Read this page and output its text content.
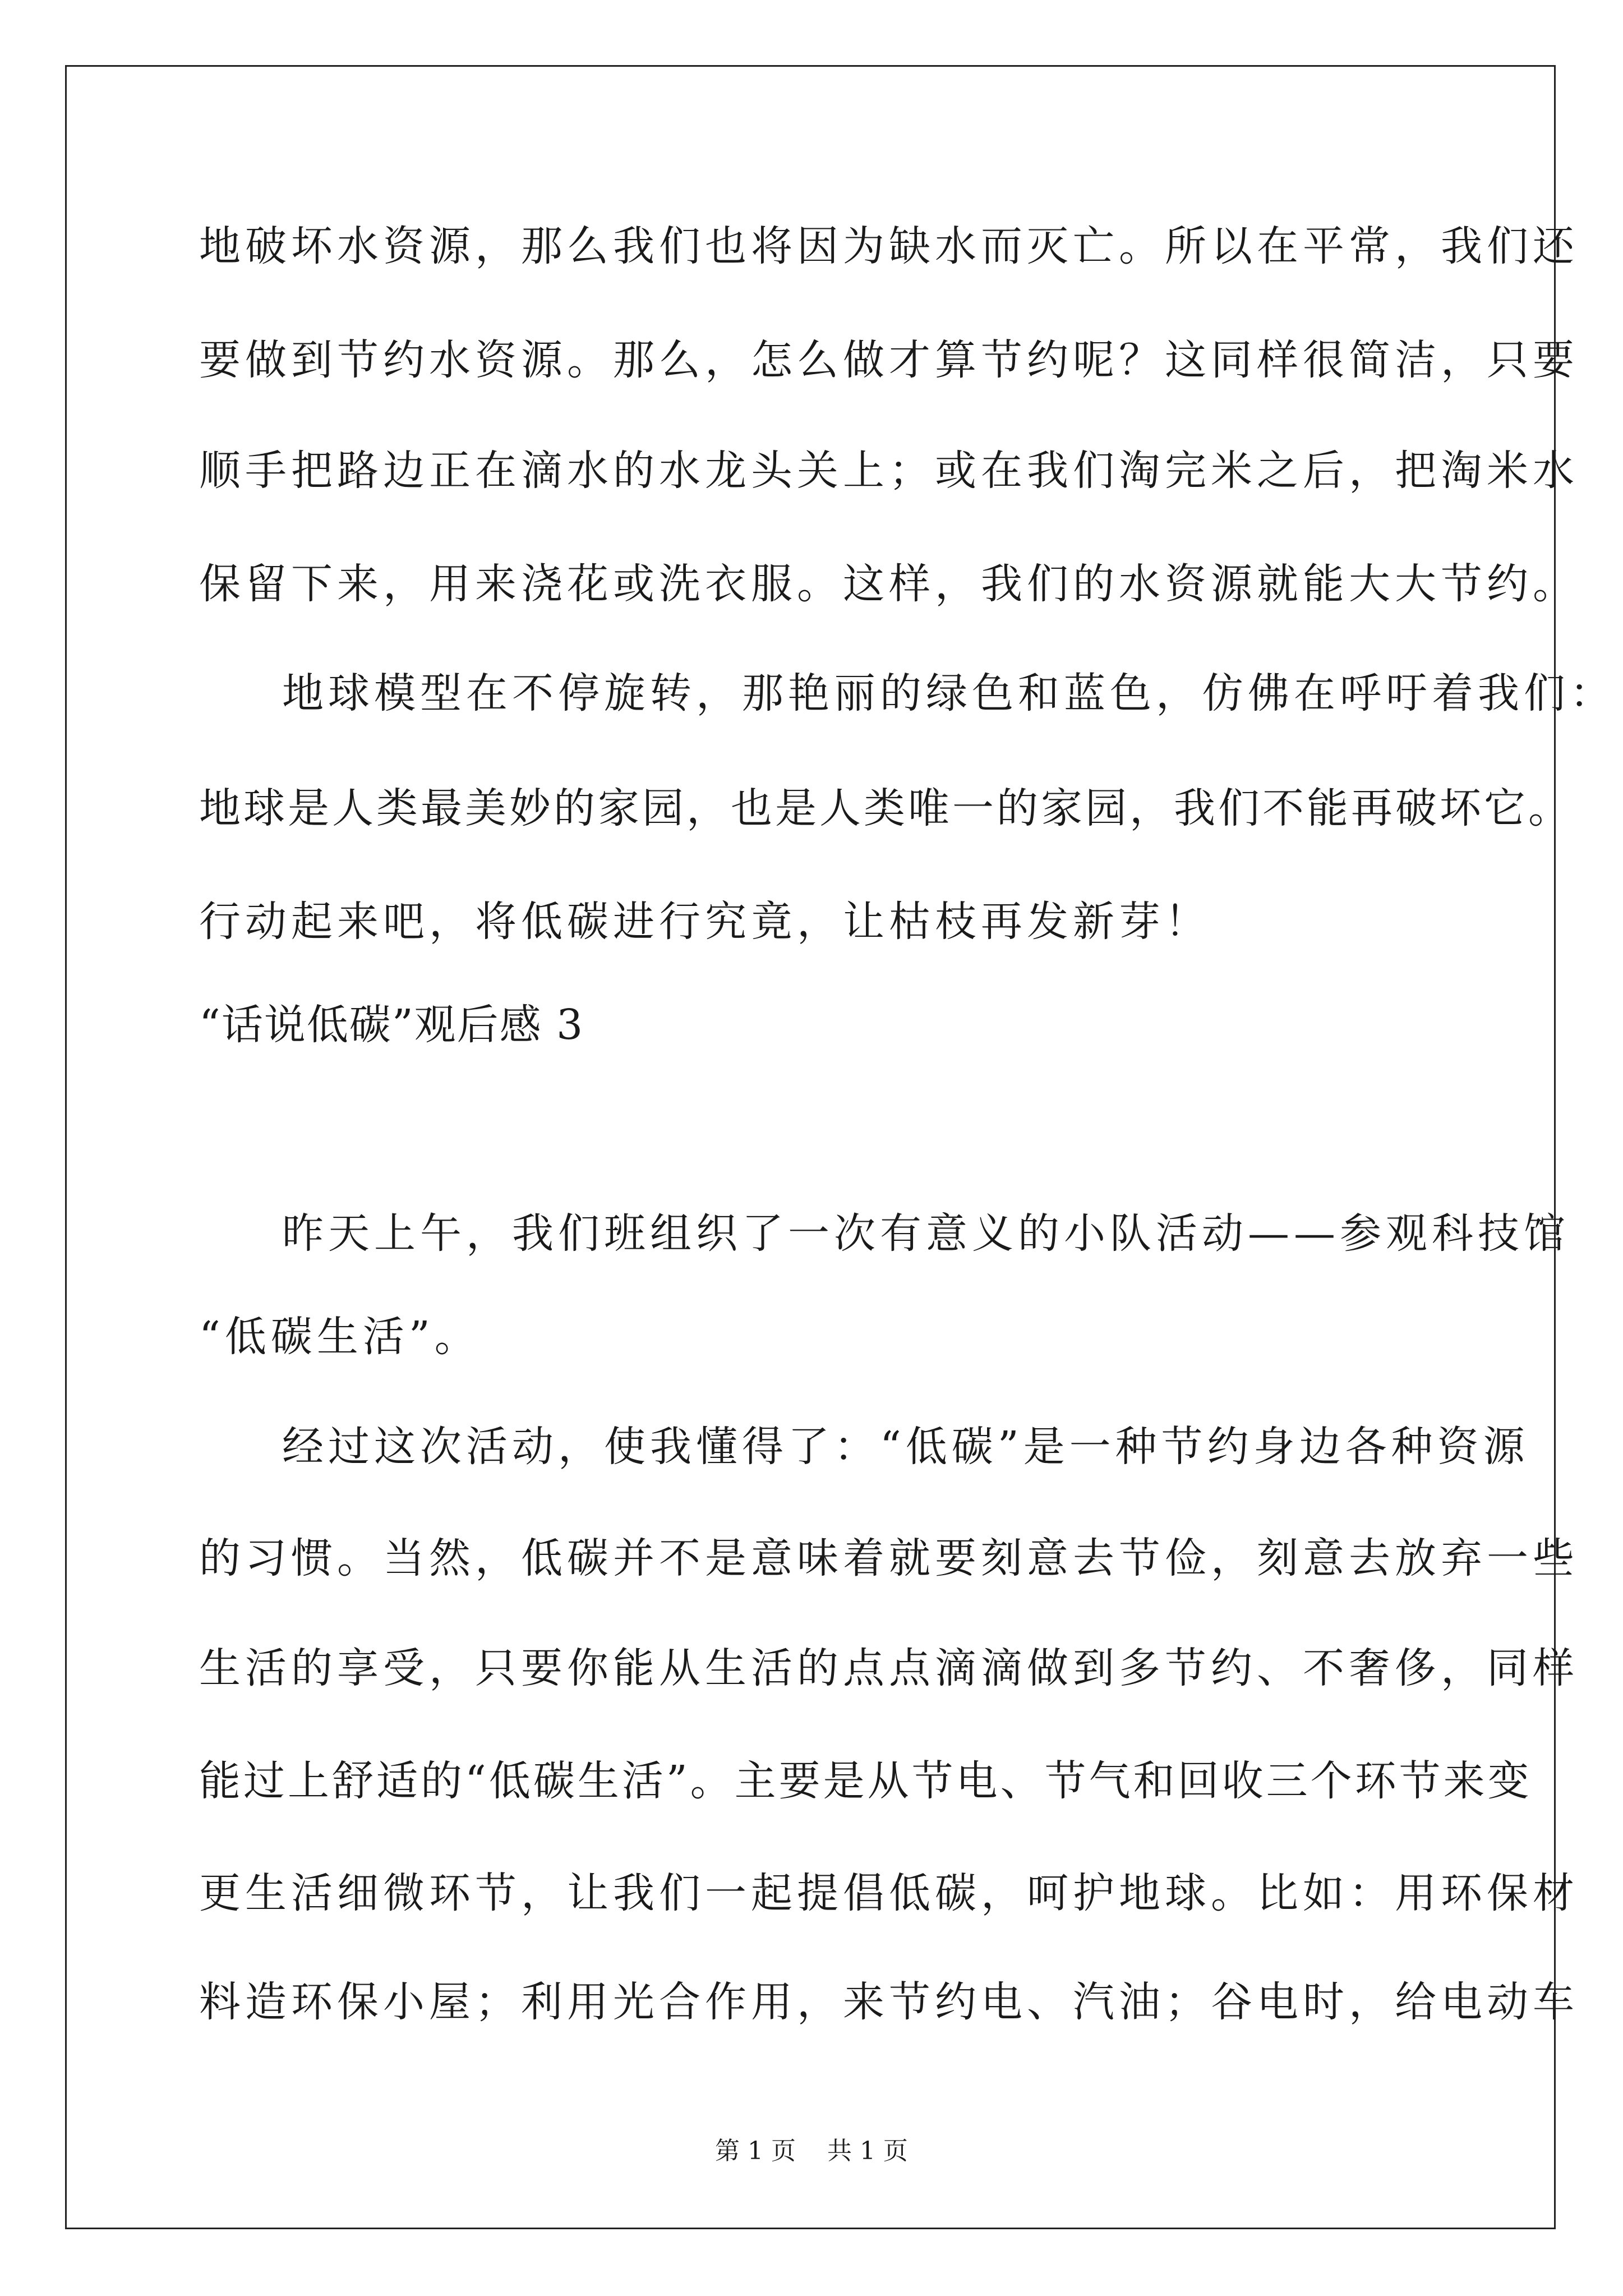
地破坏水资源，那么我们也将因为缺水而灭亡。所以在平常，我们还

要做到节约水资源。那么，怎么做才算节约呢？这同样很简洁，只要

顺手把路边正在滴水的水龙头关上；或在我们淘完米之后，把淘米水

保留下来，用来浇花或洗衣服。这样，我们的水资源就能大大节约。

地球模型在不停旋转，那艳丽的绿色和蓝色，仿佛在呼吁着我们：

地球是人类最美妙的家园，也是人类唯一的家园，我们不能再破坏它。

行动起来吧，将低碳进行究竟，让枯枝再发新芽！

“话说低碳”观后感 3

昨天上午，我们班组织了一次有意义的小队活动——参观科技馆

“低碳生活”。

经过这次活动，使我懂得了：“低碳”是一种节约身边各种资源

的习惯。当然，低碳并不是意味着就要刻意去节俭，刻意去放弃一些

生活的享受，只要你能从生活的点点滴滴做到多节约、不奢侈，同样

能过上舒适的“低碳生活”。主要是从节电、节气和回收三个环节来变

更生活细微环节，让我们一起提倡低碳，呵护地球。比如：用环保材

料造环保小屋；利用光合作用，来节约电、汽油；谷电时，给电动车

第 1 页    共 1 页
